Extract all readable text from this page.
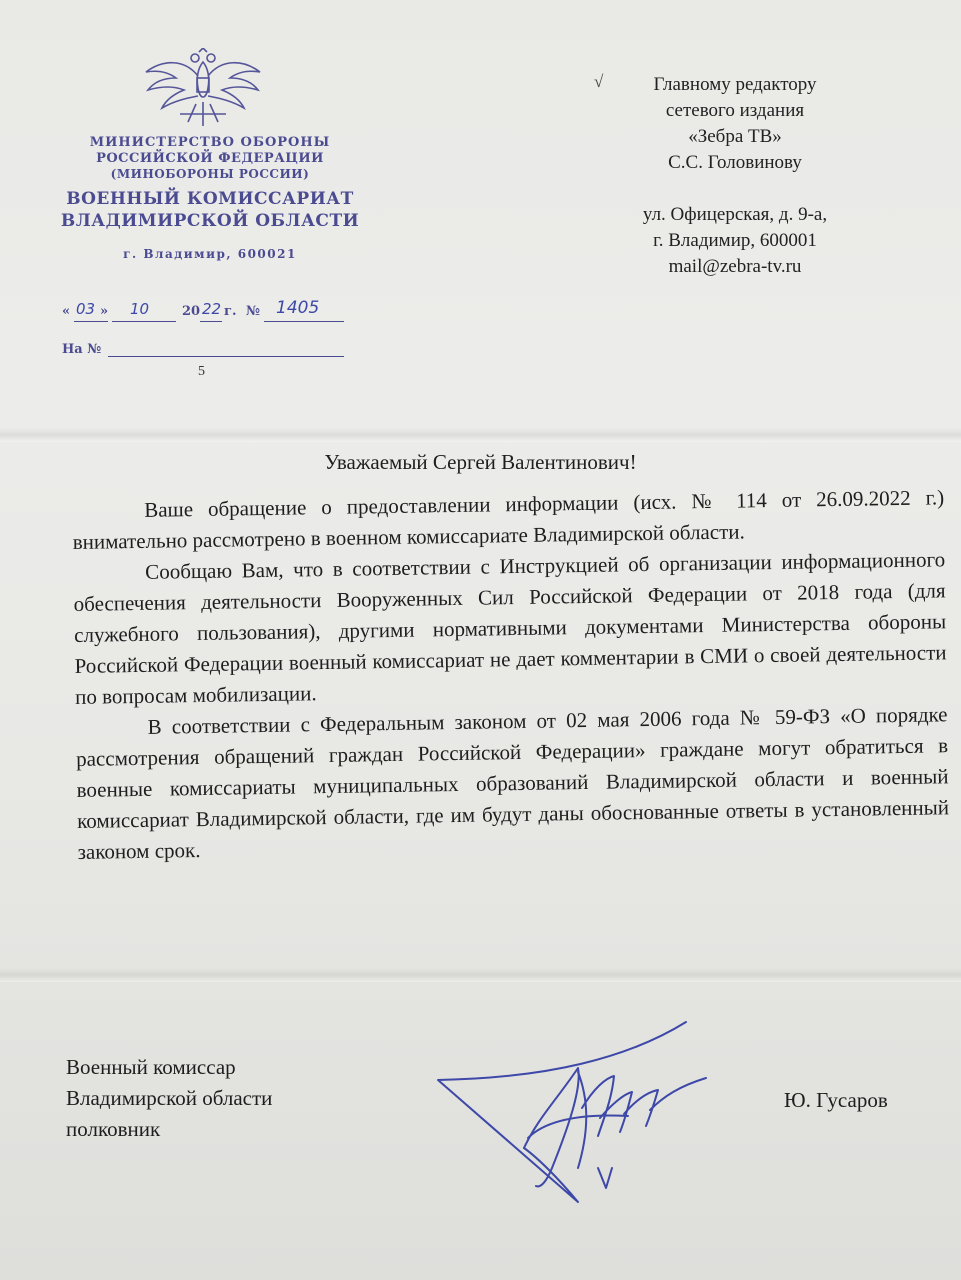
МИНИСТЕРСТВО ОБОРОНЫ
РОССИЙСКОЙ ФЕДЕРАЦИИ
(МИНОБОРОНЫ РОССИИ)
ВОЕННЫЙ КОМИССАРИАТ
ВЛАДИМИРСКОЙ ОБЛАСТИ
г. Владимир, 600021
« 03 » 10	20 22 г. № 1405
На №
5
√	Главному редактору
сетевого издания
«Зебра ТВ»
С.С. Головинову
ул. Офицерская, д. 9-а,
г. Владимир, 600001
mail@zebra-tv.ru
Уважаемый Сергей Валентинович!

Ваше обращение о предоставлении информации (исх. № 114 от 26.09.2022 г.) внимательно рассмотрено в военном комиссариате Владимирской области.

Сообщаю Вам, что в соответствии с Инструкцией об организации информационного обеспечения деятельности Вооруженных Сил Российской Федерации от 2018 года (для служебного пользования), другими нормативными документами Министерства обороны Российской Федерации военный комиссариат не дает комментарии в СМИ о своей деятельности по вопросам мобилизации.

В соответствии с Федеральным законом от 02 мая 2006 года № 59-ФЗ «О порядке рассмотрения обращений граждан Российской Федерации» граждане могут обратиться в военные комиссариаты муниципальных образований Владимирской области и военный комиссариат Владимирской области, где им будут даны обоснованные ответы в установленный законом срок.

Военный комиссар
Владимирской области
полковник
Ю. Гусаров
